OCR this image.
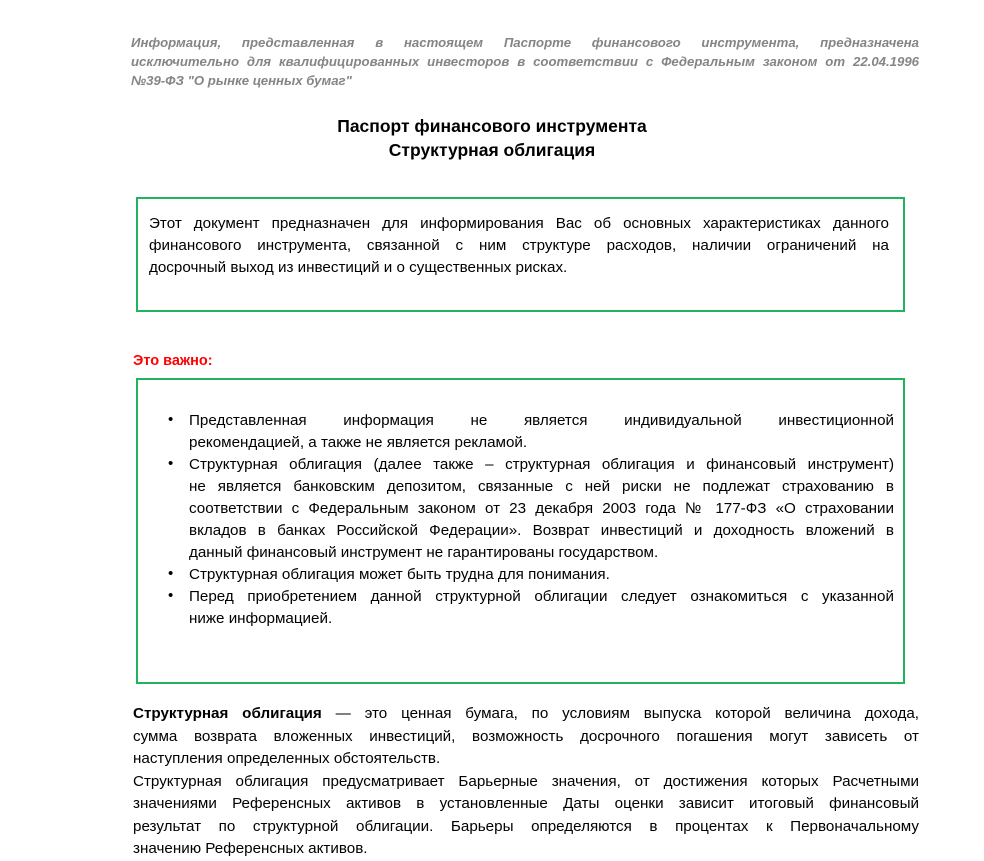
Информация, представленная в настоящем Паспорте финансового инструмента, предназначена
исключительно для квалифицированных инвесторов в соответствии с Федеральным законом от 22.04.1996
№39-ФЗ "О рынке ценных бумаг"
Паспорт финансового инструмента
Структурная облигация

Этот документ предназначен для информирования Вас об основных характеристиках данного

финансового инструмента, связанной с ним структуре расходов, наличии ограничений на

досрочный выход из инвестиций и о существенных рисках.

Это важно:
• Представленная информация не является индивидуальной инвестиционной
рекомендацией, а также не является рекламой.
• Структурная облигация (далее также – структурная облигация и финансовый инструмент)
не является банковским депозитом, связанные с ней риски не подлежат страхованию в
соответствии с Федеральным законом от 23 декабря 2003 года № 177-ФЗ «О страховании
вкладов в банках Российской Федерации». Возврат инвестиций и доходность вложений в
данный финансовый инструмент не гарантированы государством.
• Структурная облигация может быть трудна для понимания.
• Перед приобретением данной структурной облигации следует ознакомиться с указанной
ниже информацией.

Структурная облигация — это ценная бумага, по условиям выпуска которой величина дохода,

сумма возврата вложенных инвестиций, возможность досрочного погашения могут зависеть от

наступления определенных обстоятельств.

Структурная облигация предусматривает Барьерные значения, от достижения которых Расчетными

значениями Референсных активов в установленные Даты оценки зависит итоговый финансовый

результат по структурной облигации. Барьеры определяются в процентах к Первоначальному

значению Референсных активов.
